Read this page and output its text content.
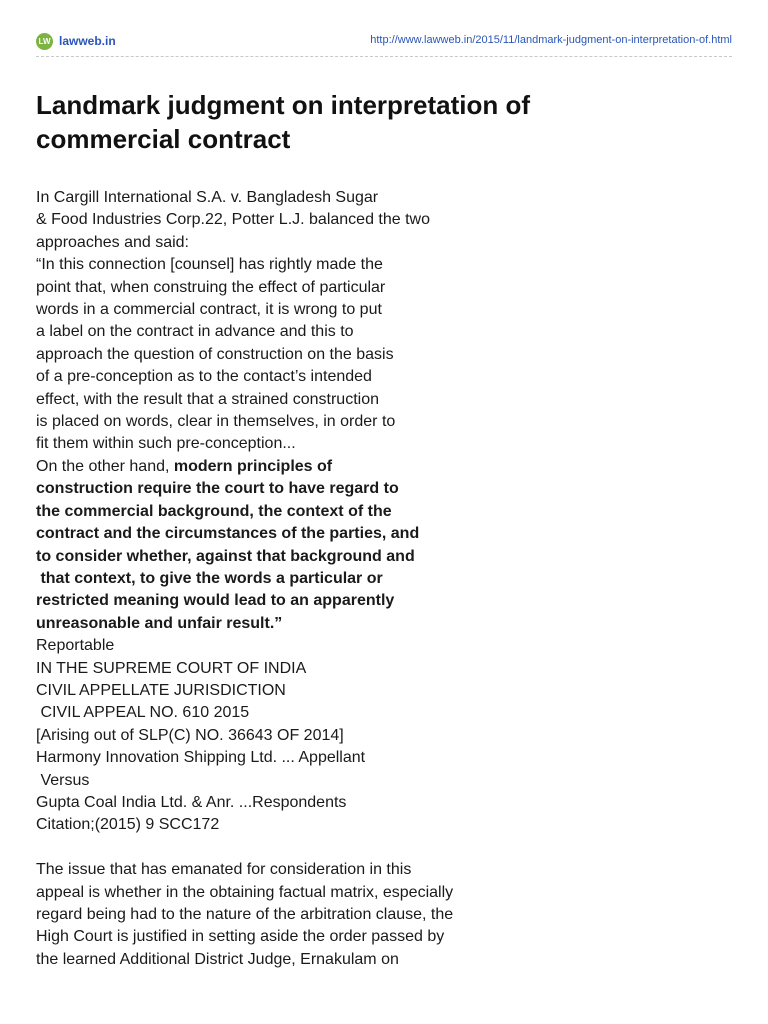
LW lawweb.in	http://www.lawweb.in/2015/11/landmark-judgment-on-interpretation-of.html
Landmark judgment on interpretation of
commercial contract
In Cargill International S.A. v. Bangladesh Sugar
& Food Industries Corp.22, Potter L.J. balanced the two
approaches and said:
“In this connection [counsel] has rightly made the
point that, when construing the effect of particular
words in a commercial contract, it is wrong to put
a label on the contract in advance and this to
approach the question of construction on the basis
of a pre-conception as to the contact’s intended
effect, with the result that a strained construction
is placed on words, clear in themselves, in order to
fit them within such pre-conception...
On the other hand, modern principles of
construction require the court to have regard to
the commercial background, the context of the
contract and the circumstances of the parties, and
to consider whether, against that background and
that context, to give the words a particular or
restricted meaning would lead to an apparently
unreasonable and unfair result.”
Reportable
IN THE SUPREME COURT OF INDIA
CIVIL APPELLATE JURISDICTION
CIVIL APPEAL NO. 610 2015
[Arising out of SLP(C) NO. 36643 OF 2014]
Harmony Innovation Shipping Ltd. ... Appellant
Versus
Gupta Coal India Ltd. & Anr. ...Respondents
Citation;(2015) 9 SCC172
The issue that has emanated for consideration in this
appeal is whether in the obtaining factual matrix, especially
regard being had to the nature of the arbitration clause, the
High Court is justified in setting aside the order passed by
the learned Additional District Judge, Ernakulam on
